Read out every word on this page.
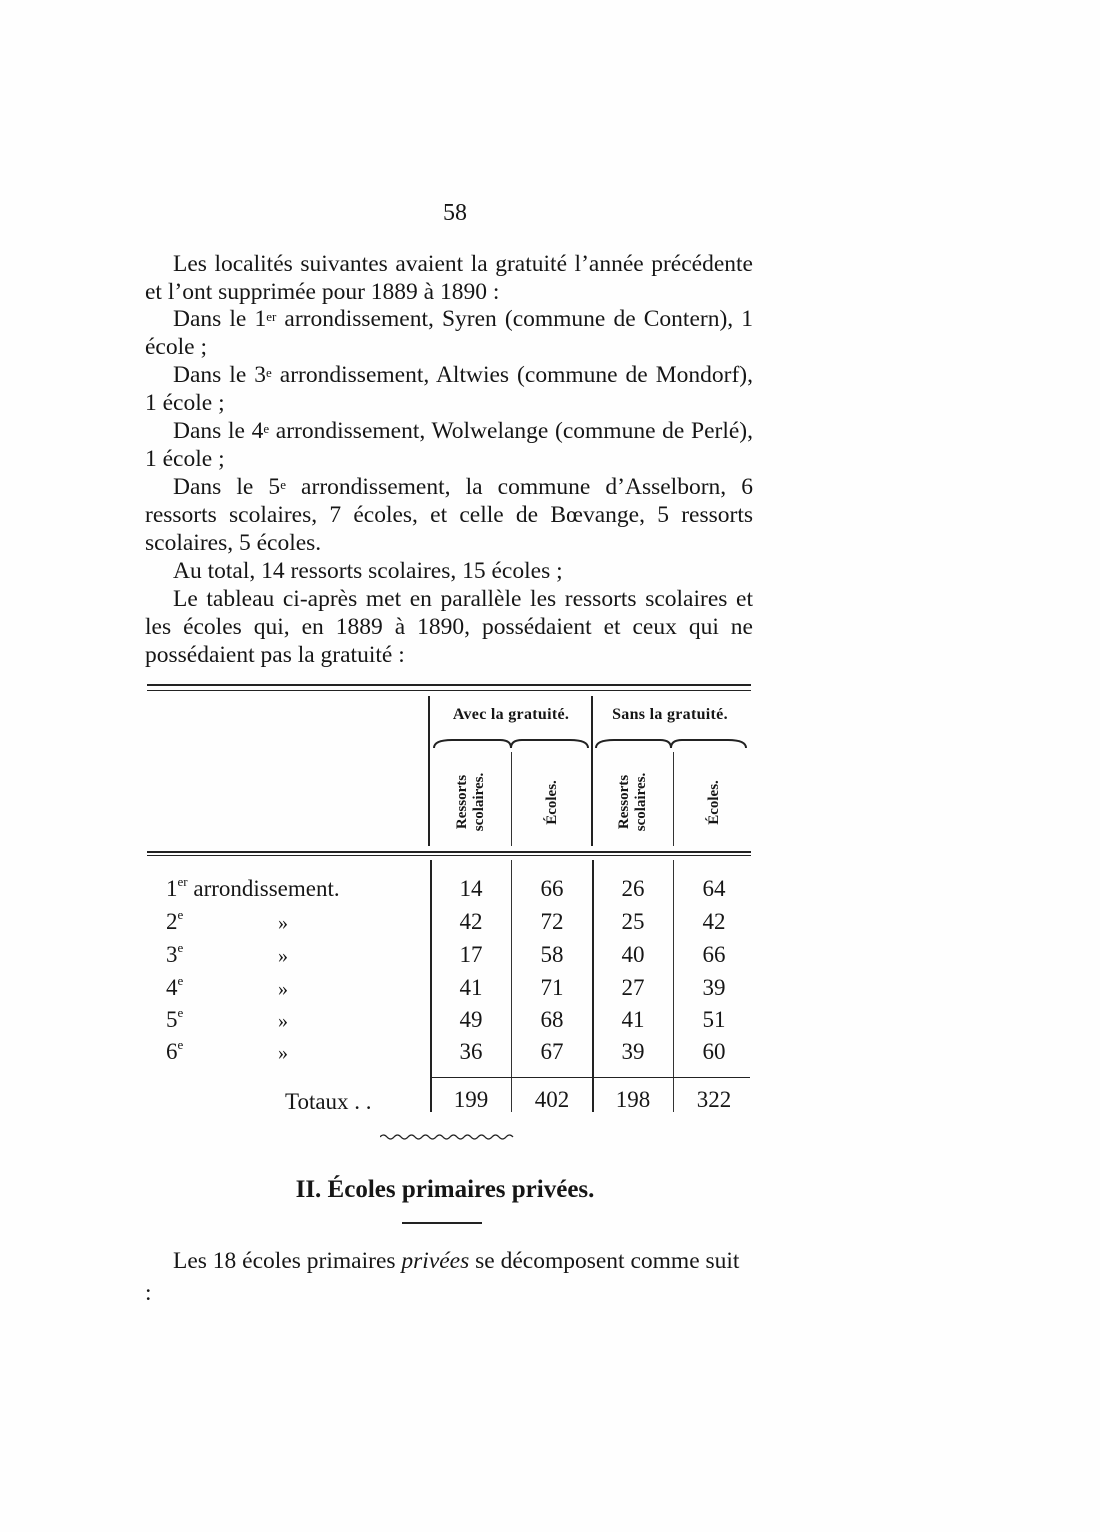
58

Les localités suivantes avaient la gratuité l’année précédente et l’ont supprimée pour 1889 à 1890 :

Dans le 1er arrondissement, Syren (commune de Contern), 1 école ;

Dans le 3e arrondissement, Altwies (commune de Mondorf), 1 école ;

Dans le 4e arrondissement, Wolwelange (commune de Perlé), 1 école ;

Dans le 5e arrondissement, la commune d’Asselborn, 6 ressorts scolaires, 7 écoles, et celle de Bœvange, 5 ressorts scolaires, 5 écoles.

Au total, 14 ressorts scolaires, 15 écoles ;

Le tableau ci-après met en parallèle les ressorts scolaires et les écoles qui, en 1889 à 1890, possédaient et ceux qui ne possédaient pas la gratuité :

Avec la gratuité.	Sans la gratuité.
Ressorts scolaires.	Écoles.	Ressorts scolaires.	Écoles.
1er arrondissement.	14	66	26	64
2e	»	42	72	25	42
3e	»	17	58	40	66
4e	»	41	71	27	39
5e	»	49	68	41	51
6e	»	36	67	39	60
Totaux . .	199	402	198	322
II. Écoles primaires privées.

Les 18 écoles primaires privées se décomposent comme suit :
